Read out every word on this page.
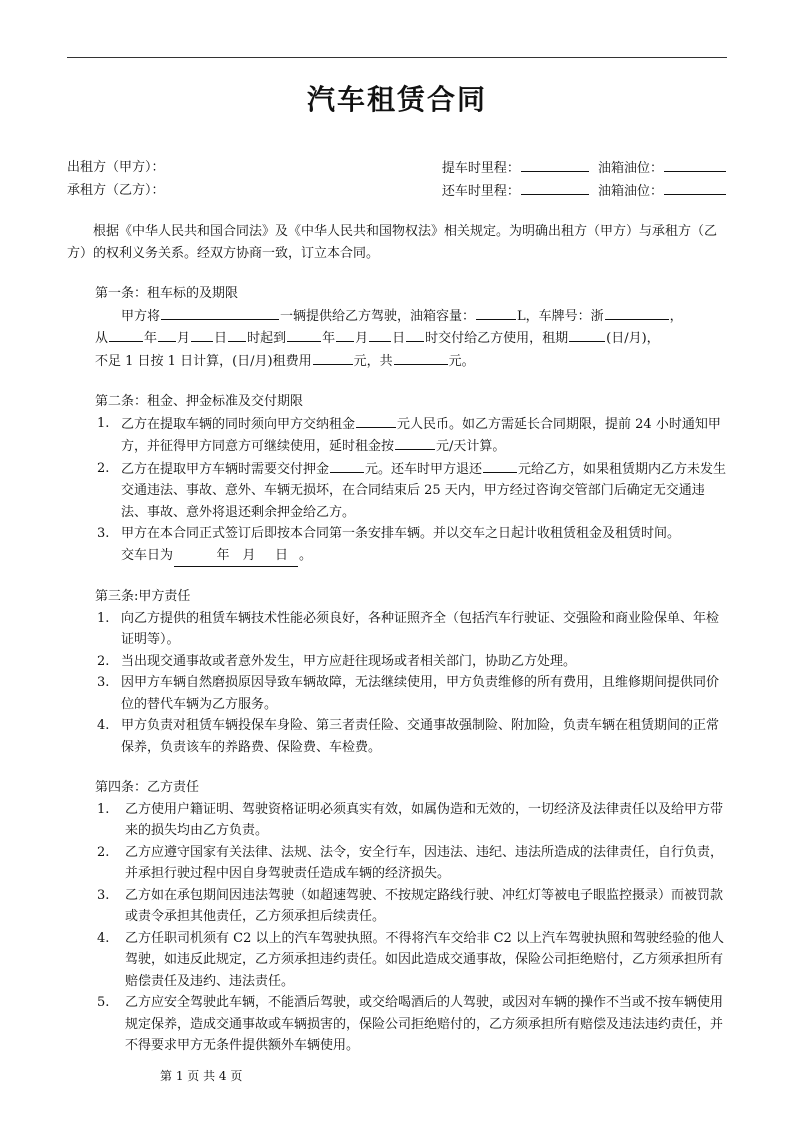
汽车租赁合同
出租方（甲方）：	提车时里程：	油箱油位：
承租方（乙方）：	还车时里程：	油箱油位：

根据《中华人民共和国合同法》及《中华人民共和国物权法》相关规定。为明确出租方（甲方）与承租方（乙方）的权利义务关系。经双方协商一致，订立本合同。

第一条：租车标的及期限

甲方将	一辆提供给乙方驾驶，油箱容量：	L，车牌号：浙	，

从	年 月 日 时起到	年 月 日 时交付给乙方使用，租期	(日/月)，

不足 1 日按 1 日计算，(日/月)租费用	元，共	元。

第二条：租金、押金标准及交付期限

1. 乙方在提取车辆的同时须向甲方交纳租金	元人民币。如乙方需延长合同期限，提前 24 小时通知甲方，并征得甲方同意方可继续使用，延时租金按	元/天计算。
2. 乙方在提取甲方车辆时需要交付押金	元。还车时甲方退还	元给乙方，如果租赁期内乙方未发生交通违法、事故、意外、车辆无损坏，在合同结束后 25 天内，甲方经过咨询交管部门后确定无交通违法、事故、意外将退还剩余押金给乙方。
3. 甲方在本合同正式签订后即按本合同第一条安排车辆。并以交车之日起计收租赁租金及租赁时间。
交车日为   	年   月    日 。

第三条:甲方责任

1. 向乙方提供的租赁车辆技术性能必须良好，各种证照齐全（包括汽车行驶证、交强险和商业险保单、年检证明等）。
2. 当出现交通事故或者意外发生，甲方应赶往现场或者相关部门，协助乙方处理。
3. 因甲方车辆自然磨损原因导致车辆故障，无法继续使用，甲方负责维修的所有费用，且维修期间提供同价位的替代车辆为乙方服务。
4. 甲方负责对租赁车辆投保车身险、第三者责任险、交通事故强制险、附加险，负责车辆在租赁期间的正常保养，负责该车的养路费、保险费、车检费。

第四条：乙方责任

1.	乙方使用户籍证明、驾驶资格证明必须真实有效，如属伪造和无效的，一切经济及法律责任以及给甲方带来的损失均由乙方负责。
2.	乙方应遵守国家有关法律、法规、法令，安全行车，因违法、违纪、违法所造成的法律责任，自行负责，并承担行驶过程中因自身驾驶责任造成车辆的经济损失。
3.	乙方如在承包期间因违法驾驶（如超速驾驶、不按规定路线行驶、冲红灯等被电子眼监控摄录）而被罚款或责令承担其他责任，乙方须承担后续责任。
4.	乙方任职司机须有 C2 以上的汽车驾驶执照。不得将汽车交给非 C2 以上汽车驾驶执照和驾驶经验的他人驾驶，如违反此规定，乙方须承担违约责任。如因此造成交通事故，保险公司拒绝赔付，乙方须承担所有赔偿责任及违约、违法责任。
5.	乙方应安全驾驶此车辆，不能酒后驾驶，或交给喝酒后的人驾驶，或因对车辆的操作不当或不按车辆使用规定保养，造成交通事故或车辆损害的，保险公司拒绝赔付的，乙方须承担所有赔偿及违法违约责任，并不得要求甲方无条件提供额外车辆使用。
第 1 页 共 4 页
